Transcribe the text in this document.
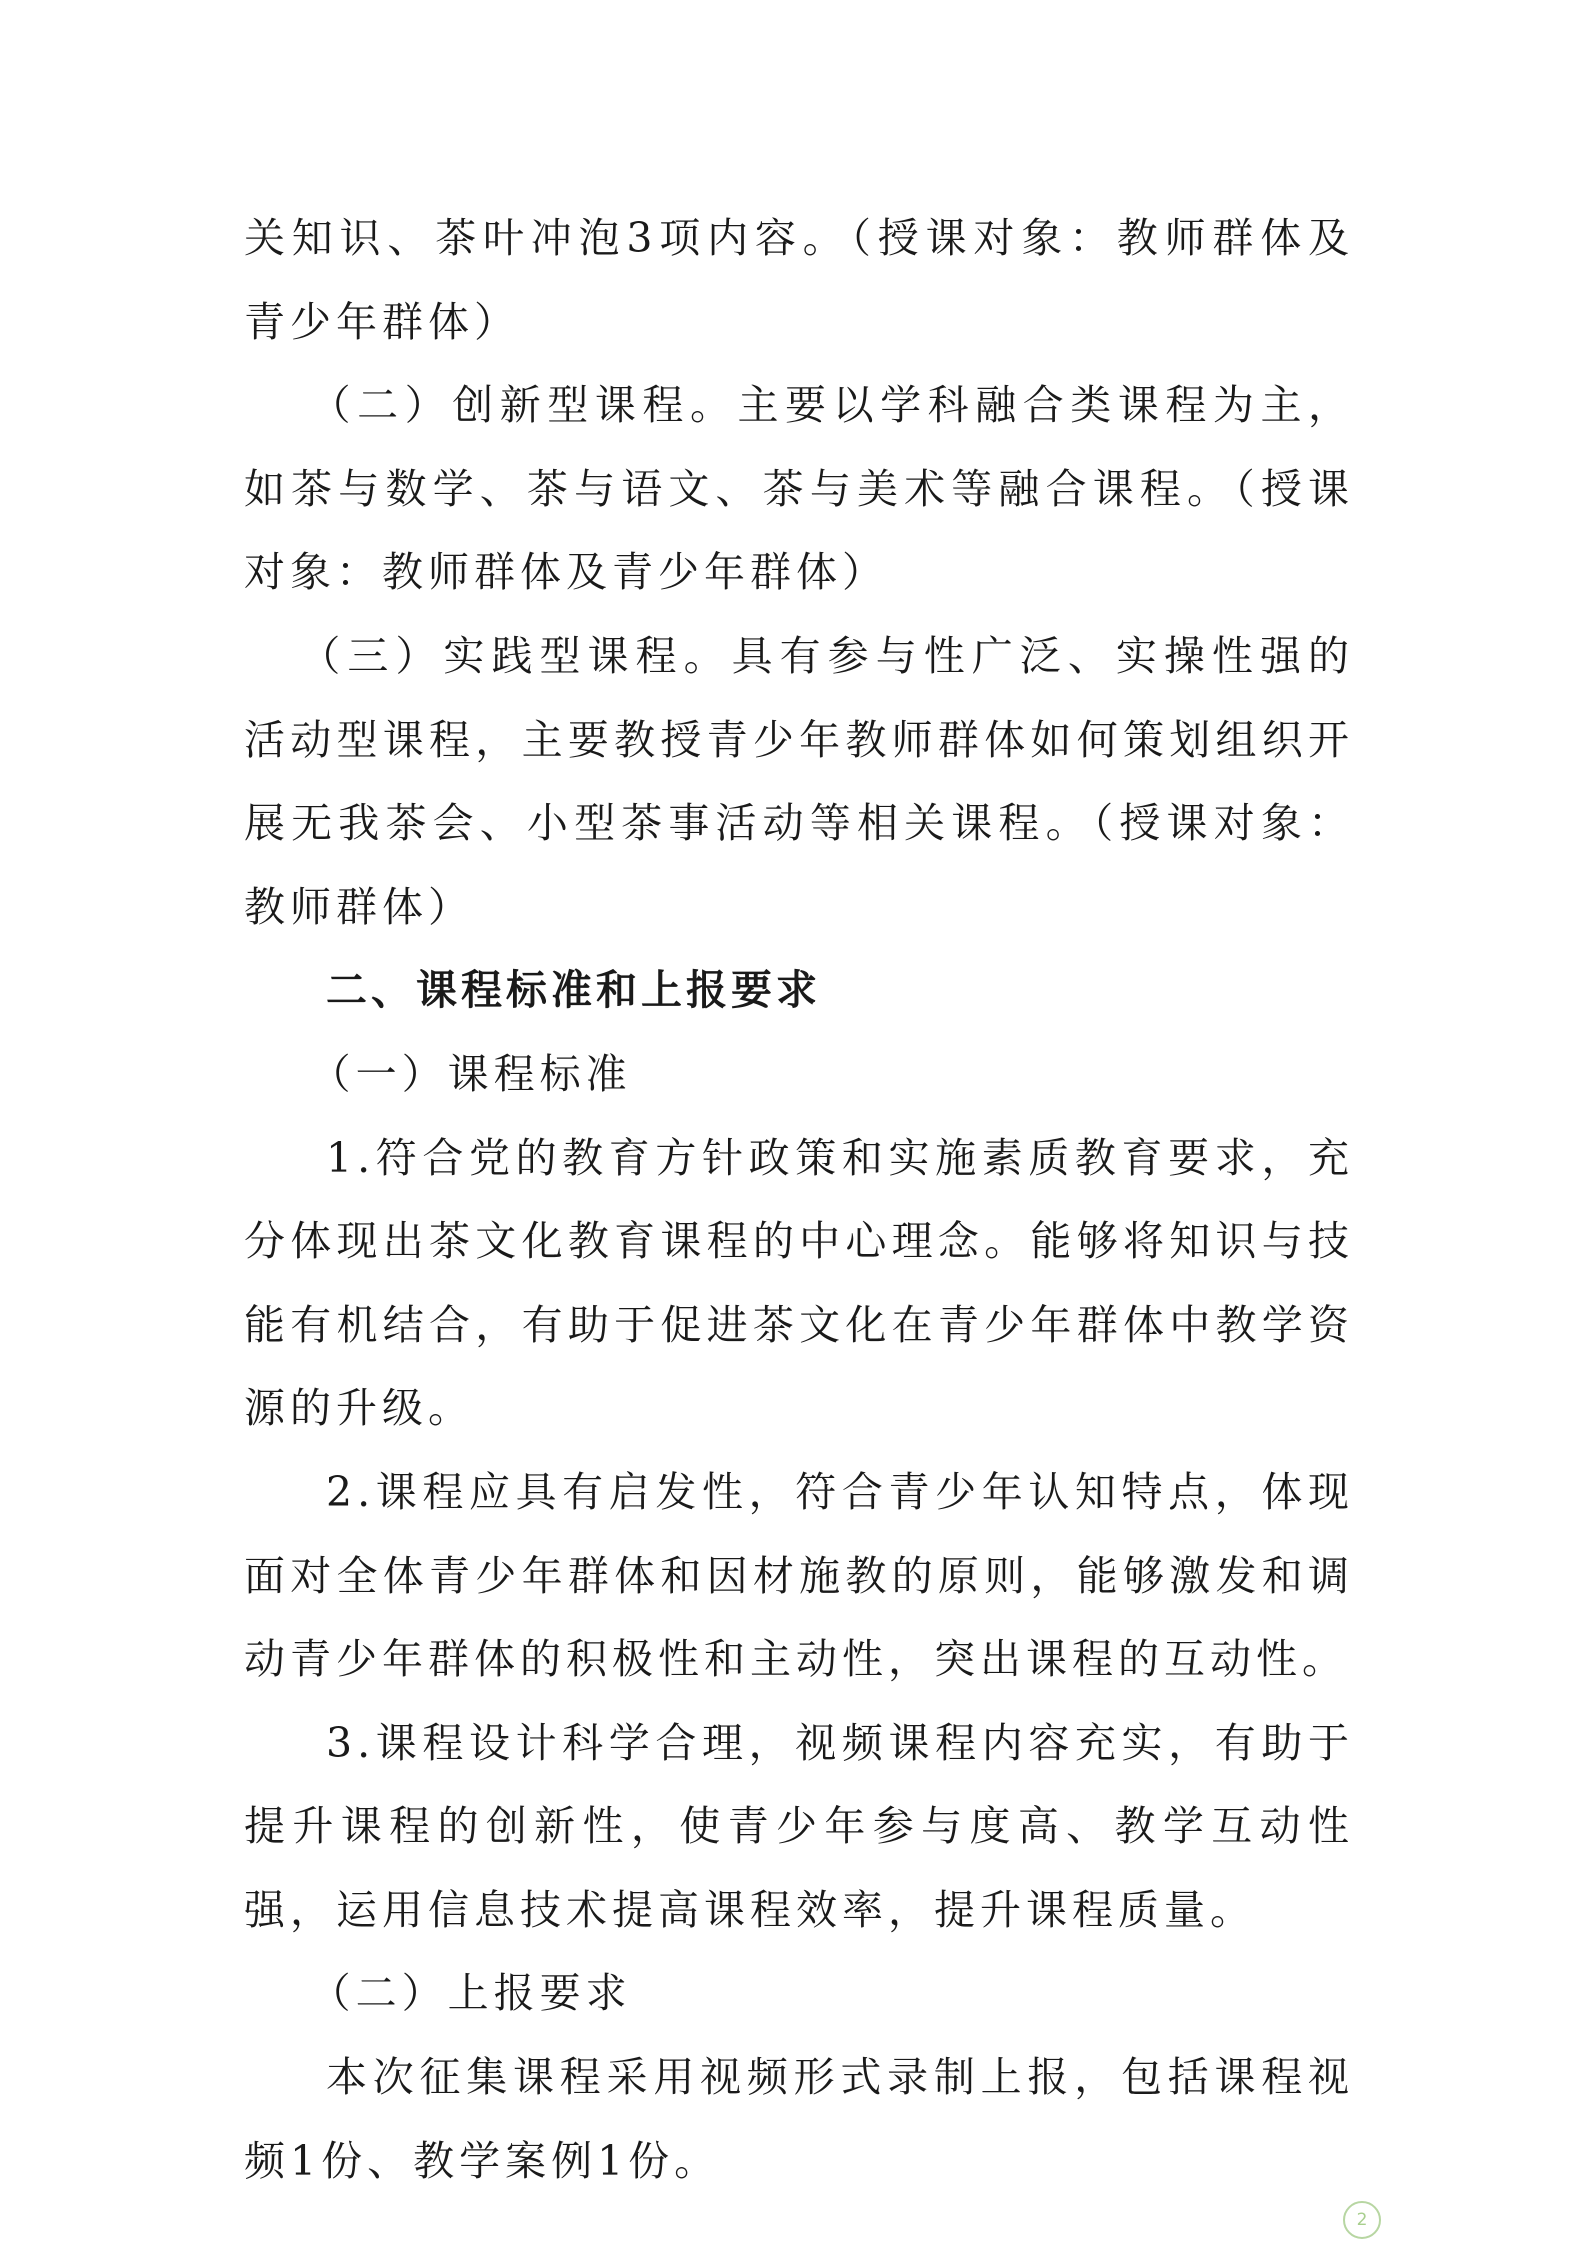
关知识、茶叶冲泡3项内容。（授课对象：教师群体及青少年群体）

（二）创新型课程。主要以学科融合类课程为主，如茶与数学、茶与语文、茶与美术等融合课程。（授课对象：教师群体及青少年群体）

（三）实践型课程。具有参与性广泛、实操性强的活动型课程，主要教授青少年教师群体如何策划组织开展无我茶会、小型茶事活动等相关课程。（授课对象：教师群体）

二、课程标准和上报要求

（一）课程标准

1.符合党的教育方针政策和实施素质教育要求，充分体现出茶文化教育课程的中心理念。能够将知识与技能有机结合，有助于促进茶文化在青少年群体中教学资源的升级。

2.课程应具有启发性，符合青少年认知特点，体现面对全体青少年群体和因材施教的原则，能够激发和调动青少年群体的积极性和主动性，突出课程的互动性。

3.课程设计科学合理，视频课程内容充实，有助于提升课程的创新性，使青少年参与度高、教学互动性强，运用信息技术提高课程效率，提升课程质量。

（二）上报要求

本次征集课程采用视频形式录制上报，包括课程视频1份、教学案例1份。

2
